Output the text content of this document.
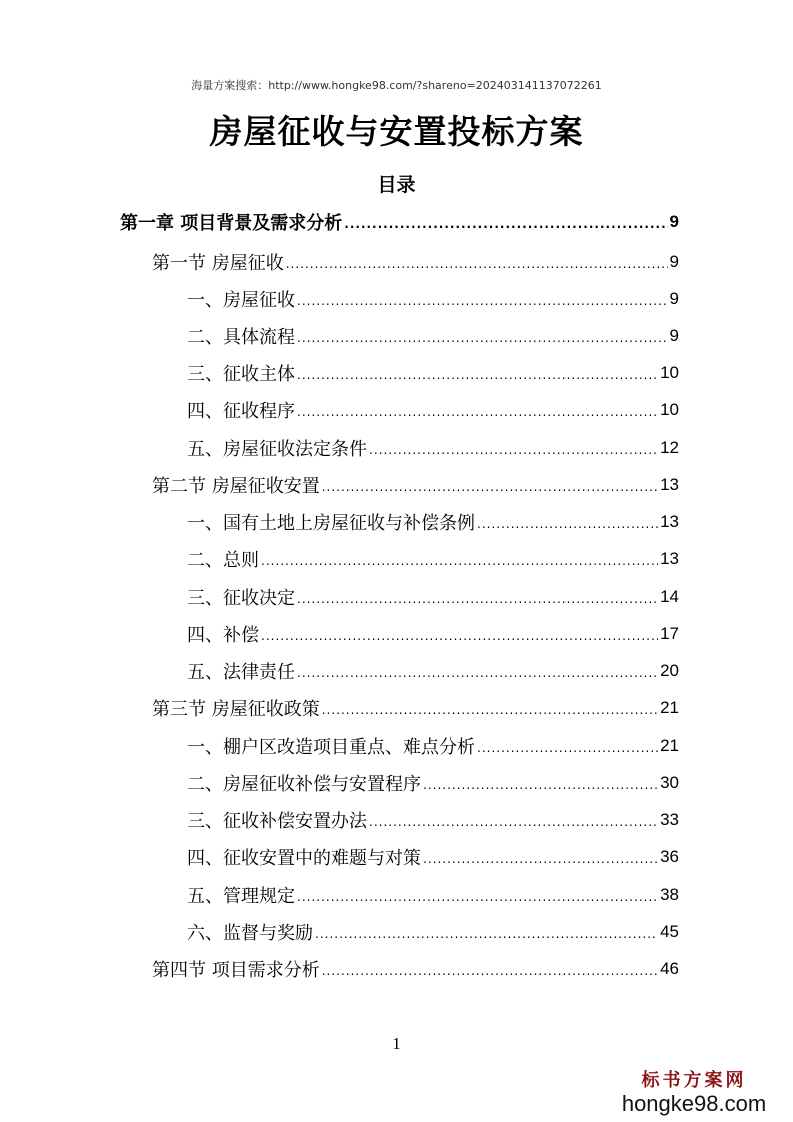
海量方案搜索：http://www.hongke98.com/?shareno=202403141137072261
房屋征收与安置投标方案
目录
第一章 项目背景及需求分析 .....	9
第一节 房屋征收 .....	9
一、房屋征收 .....	9
二、具体流程 .....	9
三、征收主体 .....	10
四、征收程序 .....	10
五、房屋征收法定条件 .....	12
第二节 房屋征收安置 .....	13
一、国有土地上房屋征收与补偿条例 .....	13
二、总则 .....	13
三、征收决定 .....	14
四、补偿 .....	17
五、法律责任 .....	20
第三节 房屋征收政策 .....	21
一、棚户区改造项目重点、难点分析 .....	21
二、房屋征收补偿与安置程序 .....	30
三、征收补偿安置办法 .....	33
四、征收安置中的难题与对策 .....	36
五、管理规定 .....	38
六、监督与奖励 .....	45
第四节 项目需求分析 .....	46
1
标书方案网
hongke98.com
